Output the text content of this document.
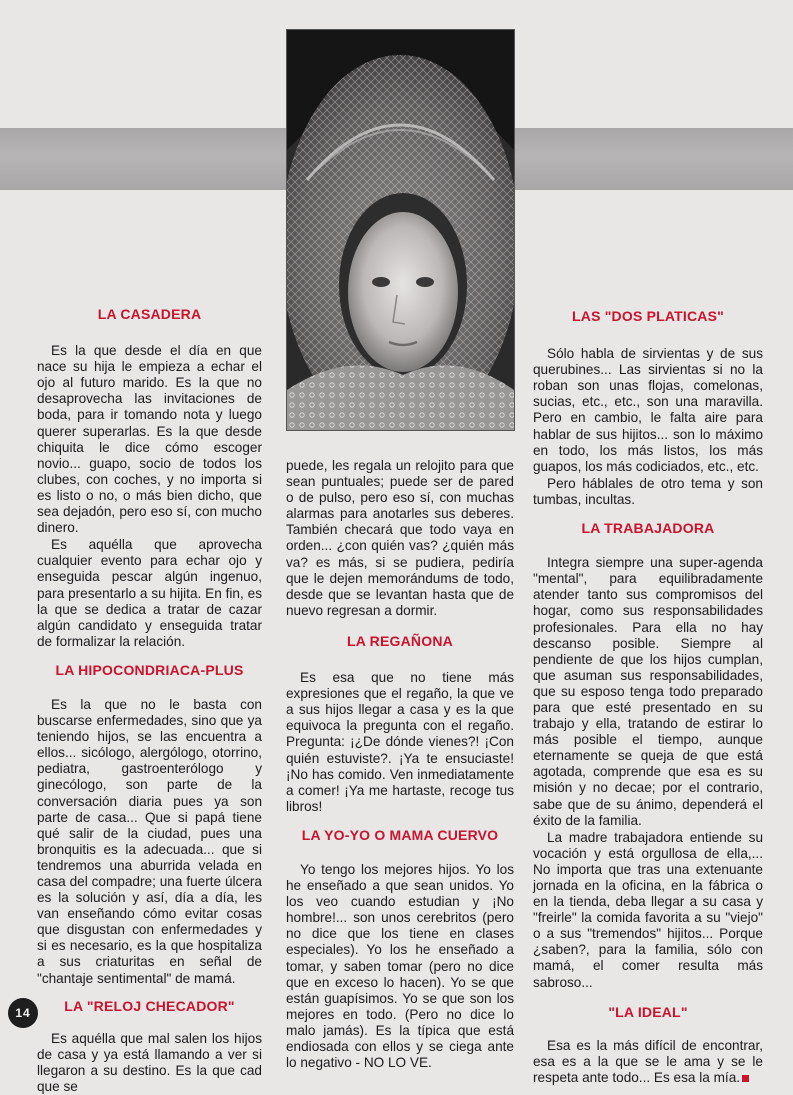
LA CASADERA

Es la que desde el día en que nace su hija le empieza a echar el ojo al futuro marido. Es la que no desaprovecha las invitaciones de boda, para ir tomando nota y luego querer superarlas. Es la que desde chiquita le dice cómo escoger novio... guapo, socio de todos los clubes, con coches, y no importa si es listo o no, o más bien dicho, que sea dejadón, pero eso sí, con mucho dinero.

Es aquélla que aprovecha cualquier evento para echar ojo y enseguida pescar algún ingenuo, para presentarlo a su hijita. En fin, es la que se dedica a tratar de cazar algún candidato y enseguida tratar de formalizar la relación.

LA HIPOCONDRIACA-PLUS

Es la que no le basta con buscarse enfermedades, sino que ya teniendo hijos, se las encuentra a ellos... sicólogo, alergólogo, otorrino, pediatra, gastroenterólogo y ginecólogo, son parte de la conversación diaria pues ya son parte de casa... Que si papá tiene qué salir de la ciudad, pues una bronquitis es la adecuada... que si tendremos una aburrida velada en casa del compadre; una fuerte úlcera es la solución y así, día a día, les van enseñando cómo evitar cosas que disgustan con enfermedades y si es necesario, es la que hospitaliza a sus criaturitas en señal de "chantaje sentimental" de mamá.

LA "RELOJ CHECADOR"

Es aquélla que mal salen los hijos de casa y ya está llamando a ver si llegaron a su destino. Es la que cad que se

puede, les regala un relojito para que sean puntuales; puede ser de pared o de pulso, pero eso sí, con muchas alarmas para anotarles sus deberes. También checará que todo vaya en orden... ¿con quién vas? ¿quién más va? es más, si se pudiera, pediría que le dejen memorándums de todo, desde que se levantan hasta que de nuevo regresan a dormir.

LA REGAÑONA

Es esa que no tiene más expresiones que el regaño, la que ve a sus hijos llegar a casa y es la que equivoca la pregunta con el regaño. Pregunta: ¡¿De dónde vienes?! ¡Con quién estuviste?. ¡Ya te ensuciaste! ¡No has comido. Ven inmediatamente a comer! ¡Ya me hartaste, recoge tus libros!

LA YO-YO O MAMA CUERVO

Yo tengo los mejores hijos. Yo los he enseñado a que sean unidos. Yo los veo cuando estudian y ¡No hombre!... son unos cerebritos (pero no dice que los tiene en clases especiales). Yo los he enseñado a tomar, y saben tomar (pero no dice que en exceso lo hacen). Yo se que están guapísimos. Yo se que son los mejores en todo. (Pero no dice lo malo jamás). Es la típica que está endiosada con ellos y se ciega ante lo negativo - NO LO VE.

LAS "DOS PLATICAS"

Sólo habla de sirvientas y de sus querubines... Las sirvientas si no la roban son unas flojas, comelonas, sucias, etc., etc., son una maravilla. Pero en cambio, le falta aire para hablar de sus hijitos... son lo máximo en todo, los más listos, los más guapos, los más codiciados, etc., etc.

Pero háblales de otro tema y son tumbas, incultas.

LA TRABAJADORA

Integra siempre una super-agenda "mental", para equilibradamente atender tanto sus compromisos del hogar, como sus responsabilidades profesionales. Para ella no hay descanso posible. Siempre al pendiente de que los hijos cumplan, que asuman sus responsabilidades, que su esposo tenga todo preparado para que esté presentado en su trabajo y ella, tratando de estirar lo más posible el tiempo, aunque eternamente se queja de que está agotada, comprende que esa es su misión y no decae; por el contrario, sabe que de su ánimo, dependerá el éxito de la familia.

La madre trabajadora entiende su vocación y está orgullosa de ella,... No importa que tras una extenuante jornada en la oficina, en la fábrica o en la tienda, deba llegar a su casa y "freirle" la comida favorita a su "viejo" o a sus "tremendos" hijitos... Porque ¿saben?, para la familia, sólo con mamá, el comer resulta más sabroso...

"LA IDEAL"

Esa es la más difícil de encontrar, esa es a la que se le ama y se le respeta ante todo... Es esa la mía.

14
